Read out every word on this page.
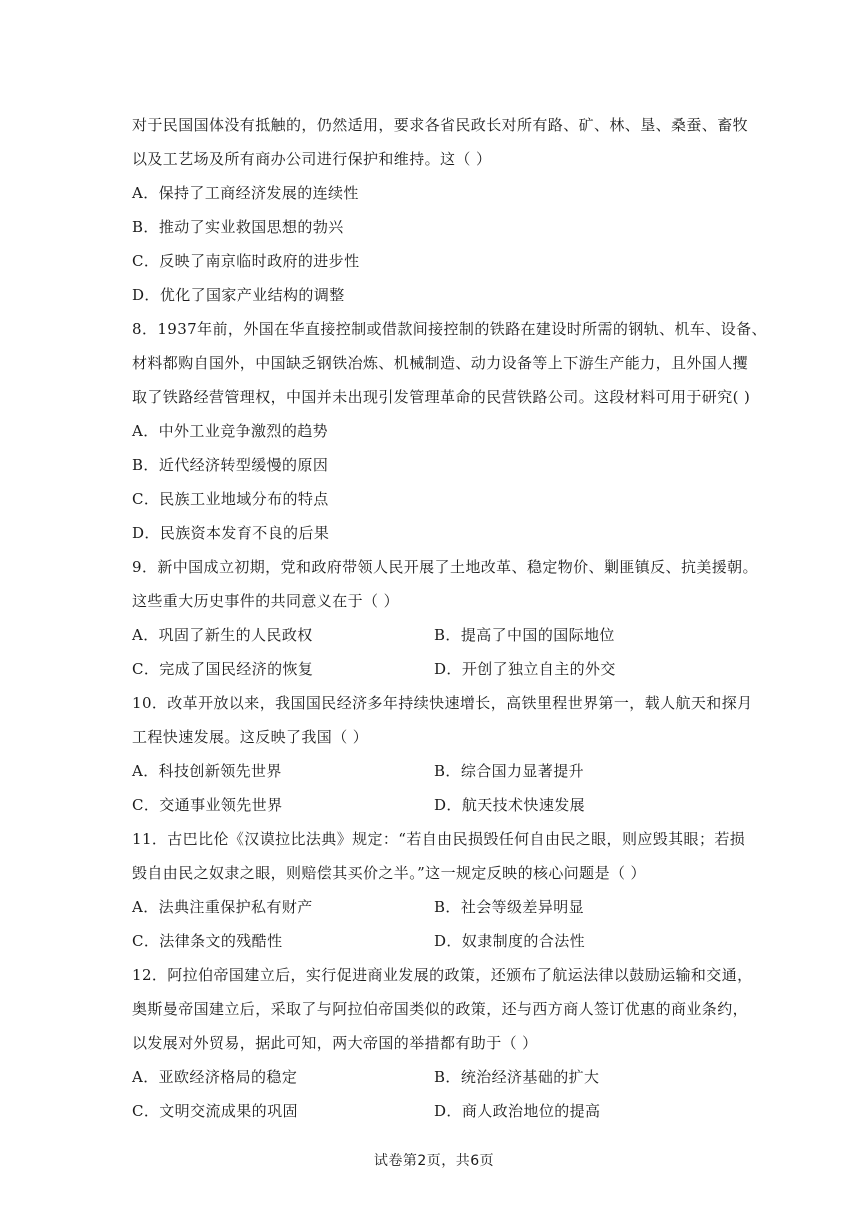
对于民国国体没有抵触的，仍然适用，要求各省民政长对所有路、矿、林、垦、桑蚕、畜牧
以及工艺场及所有商办公司进行保护和维持。这（ ）
A．保持了工商经济发展的连续性
B．推动了实业救国思想的勃兴
C．反映了南京临时政府的进步性
D．优化了国家产业结构的调整
8．1937年前，外国在华直接控制或借款间接控制的铁路在建设时所需的钢轨、机车、设备、
材料都购自国外，中国缺乏钢铁冶炼、机械制造、动力设备等上下游生产能力，且外国人攫
取了铁路经营管理权，中国并未出现引发管理革命的民营铁路公司。这段材料可用于研究( )
A．中外工业竞争激烈的趋势
B．近代经济转型缓慢的原因
C．民族工业地域分布的特点
D．民族资本发育不良的后果
9．新中国成立初期，党和政府带领人民开展了土地改革、稳定物价、剿匪镇反、抗美援朝。
这些重大历史事件的共同意义在于（ ）
A．巩固了新生的人民政权	B．提高了中国的国际地位
C．完成了国民经济的恢复	D．开创了独立自主的外交
10．改革开放以来，我国国民经济多年持续快速增长，高铁里程世界第一，载人航天和探月
工程快速发展。这反映了我国（ ）
A．科技创新领先世界	B．综合国力显著提升
C．交通事业领先世界	D．航天技术快速发展
11．古巴比伦《汉谟拉比法典》规定：“若自由民损毁任何自由民之眼，则应毁其眼；若损
毁自由民之奴隶之眼，则赔偿其买价之半。”这一规定反映的核心问题是（ ）
A．法典注重保护私有财产	B．社会等级差异明显
C．法律条文的残酷性	D．奴隶制度的合法性
12．阿拉伯帝国建立后，实行促进商业发展的政策，还颁布了航运法律以鼓励运输和交通，
奥斯曼帝国建立后，采取了与阿拉伯帝国类似的政策，还与西方商人签订优惠的商业条约，
以发展对外贸易，据此可知，两大帝国的举措都有助于（ ）
A．亚欧经济格局的稳定	B．统治经济基础的扩大
C．文明交流成果的巩固	D．商人政治地位的提高
试卷第2页，共6页
